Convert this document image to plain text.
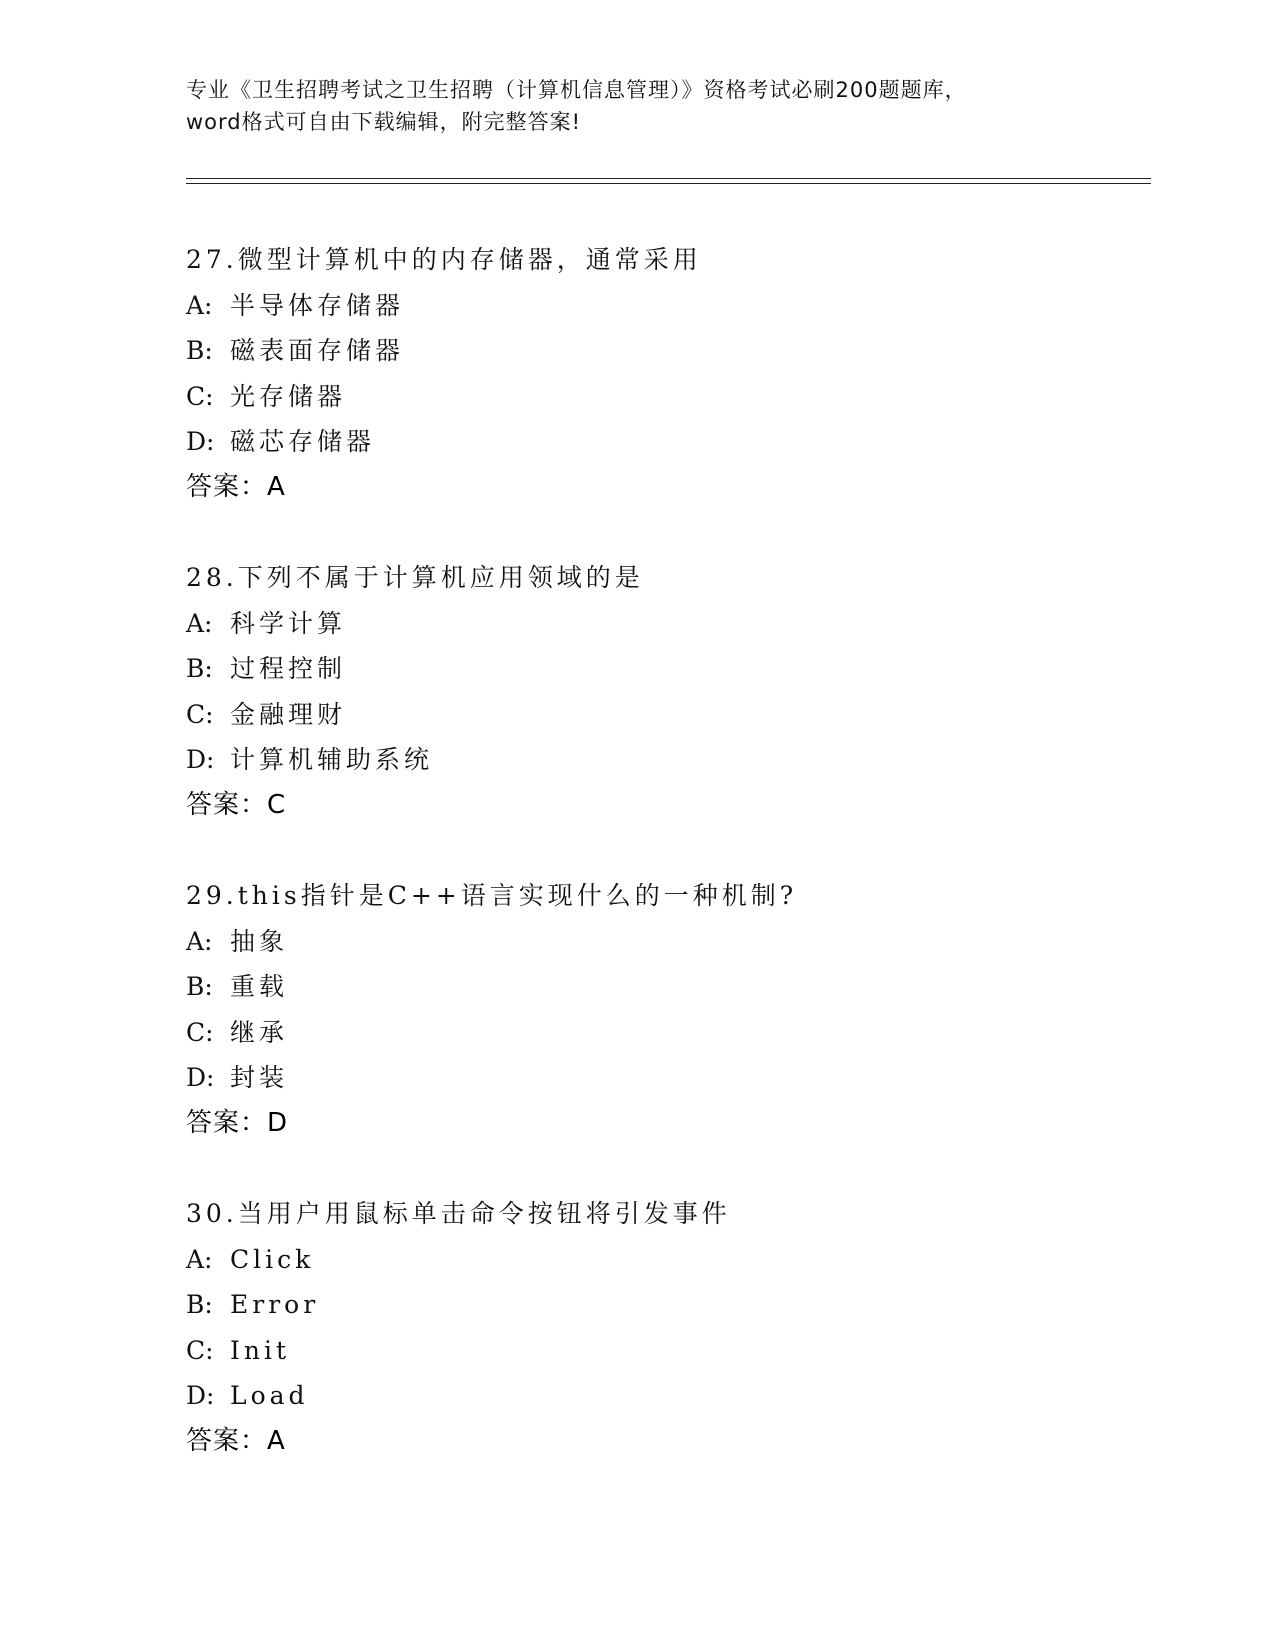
专业《卫生招聘考试之卫生招聘（计算机信息管理）》资格考试必刷200题题库，
word格式可自由下载编辑，附完整答案!
27.微型计算机中的内存储器，通常采用
A: 半导体存储器
B: 磁表面存储器
C: 光存储器
D: 磁芯存储器
答案：A
28.下列不属于计算机应用领域的是
A: 科学计算
B: 过程控制
C: 金融理财
D: 计算机辅助系统
答案：C
29.this指针是C++语言实现什么的一种机制?
A: 抽象
B: 重载
C: 继承
D: 封装
答案：D
30.当用户用鼠标单击命令按钮将引发事件
A: Click
B: Error
C: Init
D: Load
答案：A
